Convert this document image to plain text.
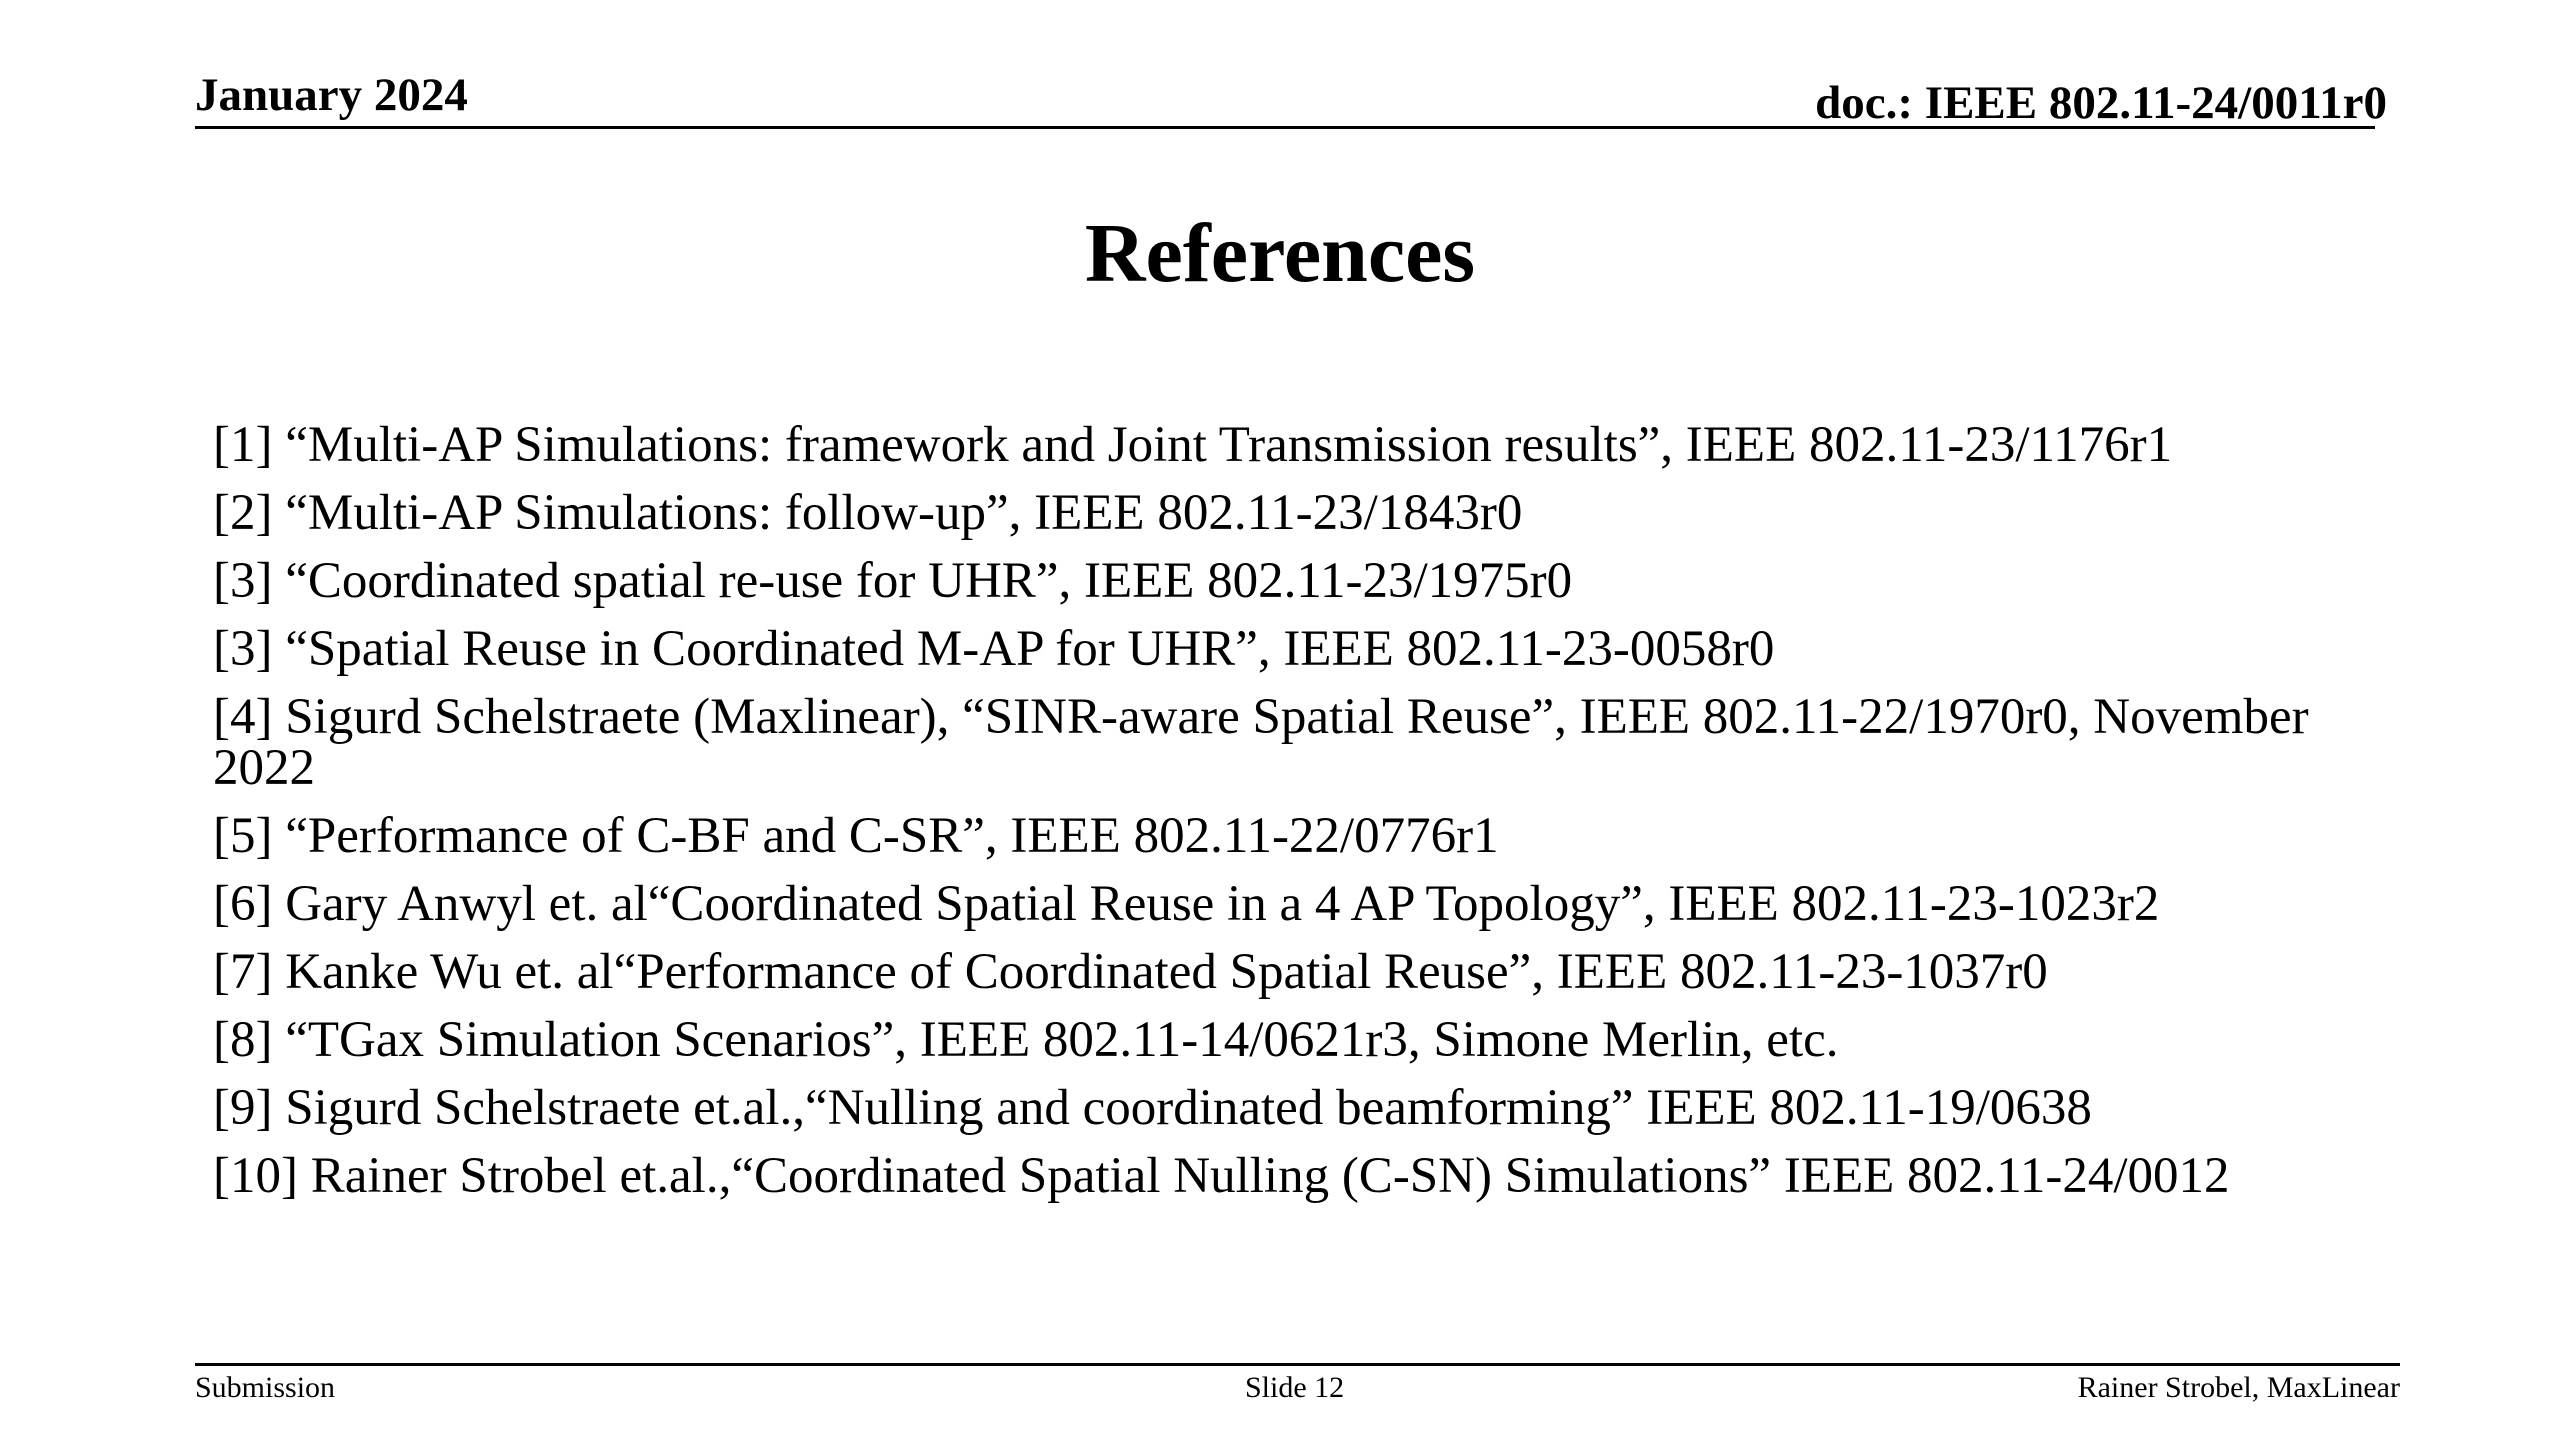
January 2024	doc.: IEEE 802.11-24/0011r0
References
[1] “Multi-AP Simulations: framework and Joint Transmission results”, IEEE 802.11-23/1176r1
[2] “Multi-AP Simulations: follow-up”, IEEE 802.11-23/1843r0
[3] “Coordinated spatial re-use for UHR”, IEEE 802.11-23/1975r0
[3] “Spatial Reuse in Coordinated M-AP for UHR”, IEEE 802.11-23-0058r0
[4] Sigurd Schelstraete (Maxlinear), “SINR-aware Spatial Reuse”, IEEE 802.11-22/1970r0, November 2022
[5] “Performance of C-BF and C-SR”, IEEE 802.11-22/0776r1
[6] Gary Anwyl et. al“Coordinated Spatial Reuse in a 4 AP Topology”, IEEE 802.11-23-1023r2
[7] Kanke Wu et. al“Performance of Coordinated Spatial Reuse”, IEEE 802.11-23-1037r0
[8] “TGax Simulation Scenarios”, IEEE 802.11-14/0621r3, Simone Merlin, etc.
[9] Sigurd Schelstraete et.al.,“Nulling and coordinated beamforming” IEEE 802.11-19/0638
[10] Rainer Strobel et.al.,“Coordinated Spatial Nulling (C-SN) Simulations” IEEE 802.11-24/0012
Submission	Slide 12	Rainer Strobel, MaxLinear
